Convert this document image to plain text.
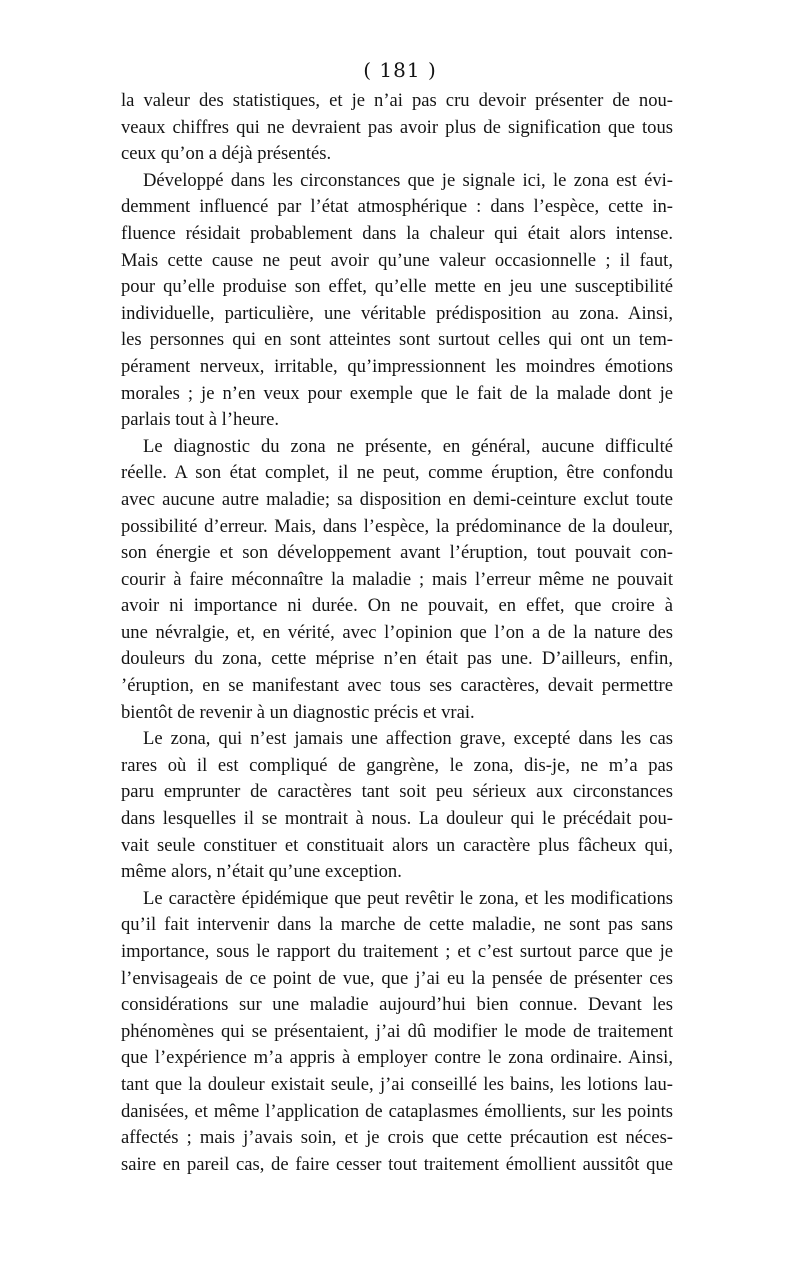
( 181 )
la valeur des statistiques, et je n’ai pas cru devoir présenter de nou-
veaux chiffres qui ne devraient pas avoir plus de signification que tous
ceux qu’on a déjà présentés.
Développé dans les circonstances que je signale ici, le zona est évi-
demment influencé par l’état atmosphérique : dans l’espèce, cette in-
fluence résidait probablement dans la chaleur qui était alors intense.
Mais cette cause ne peut avoir qu’une valeur occasionnelle ; il faut,
pour qu’elle produise son effet, qu’elle mette en jeu une susceptibilité
individuelle, particulière, une véritable prédisposition au zona. Ainsi,
les personnes qui en sont atteintes sont surtout celles qui ont un tem-
pérament nerveux, irritable, qu’impressionnent les moindres émotions
morales ; je n’en veux pour exemple que le fait de la malade dont je
parlais tout à l’heure.
Le diagnostic du zona ne présente, en général, aucune difficulté
réelle. A son état complet, il ne peut, comme éruption, être confondu
avec aucune autre maladie; sa disposition en demi-ceinture exclut toute
possibilité d’erreur. Mais, dans l’espèce, la prédominance de la douleur,
son énergie et son développement avant l’éruption, tout pouvait con-
courir à faire méconnaître la maladie ; mais l’erreur même ne pouvait
avoir ni importance ni durée. On ne pouvait, en effet, que croire à
une névralgie, et, en vérité, avec l’opinion que l’on a de la nature des
douleurs du zona, cette méprise n’en était pas une. D’ailleurs, enfin,
’éruption, en se manifestant avec tous ses caractères, devait permettre
bientôt de revenir à un diagnostic précis et vrai.
Le zona, qui n’est jamais une affection grave, excepté dans les cas
rares où il est compliqué de gangrène, le zona, dis-je, ne m’a pas
paru emprunter de caractères tant soit peu sérieux aux circonstances
dans lesquelles il se montrait à nous. La douleur qui le précédait pou-
vait seule constituer et constituait alors un caractère plus fâcheux qui,
même alors, n’était qu’une exception.
Le caractère épidémique que peut revêtir le zona, et les modifications
qu’il fait intervenir dans la marche de cette maladie, ne sont pas sans
importance, sous le rapport du traitement ; et c’est surtout parce que je
l’envisageais de ce point de vue, que j’ai eu la pensée de présenter ces
considérations sur une maladie aujourd’hui bien connue. Devant les
phénomènes qui se présentaient, j’ai dû modifier le mode de traitement
que l’expérience m’a appris à employer contre le zona ordinaire. Ainsi,
tant que la douleur existait seule, j’ai conseillé les bains, les lotions lau-
danisées, et même l’application de cataplasmes émollients, sur les points
affectés ; mais j’avais soin, et je crois que cette précaution est néces-
saire en pareil cas, de faire cesser tout traitement émollient aussitôt que
